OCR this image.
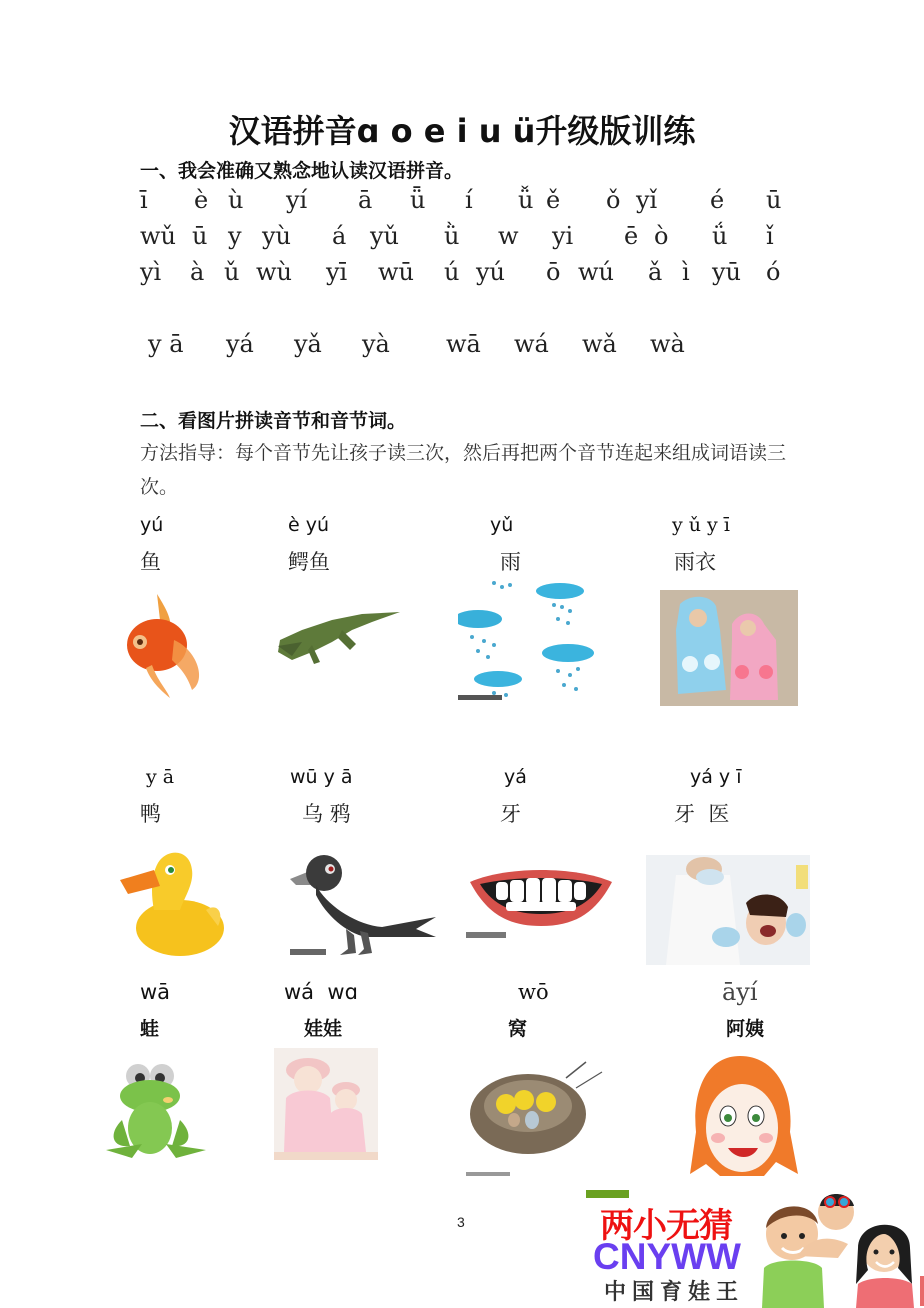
汉语拼音ɑ o e i u ü升级版训练
一、我会准确又熟念地认读汉语拼音。
ī è ù yí ā ǖ í ǚ ě ǒ yǐ é ū
wǔ ū y yù á yǔ ǜ w yi ē ò ǘ ǐ
yì à ǔ wù yī wū ú yú ō wú ǎ ì yū ó
y ā yá yǎ yà wā wá wǎ wà
二、看图片拼读音节和音节词。
方法指导：每个音节先让孩子读三次，然后再把两个音节连起来组成词语读三次。
yú
鱼
è yú
鳄鱼
yǔ
雨
y ǔ y ī
雨衣
y ā
鸭
wū y ā
乌 鸦
yá
牙
yá y ī
牙  医
wā
蛙
wá  wɑ
娃娃
wō
窝
āyí
阿姨
3	两小无猜
CNYWW
中国育娃王
